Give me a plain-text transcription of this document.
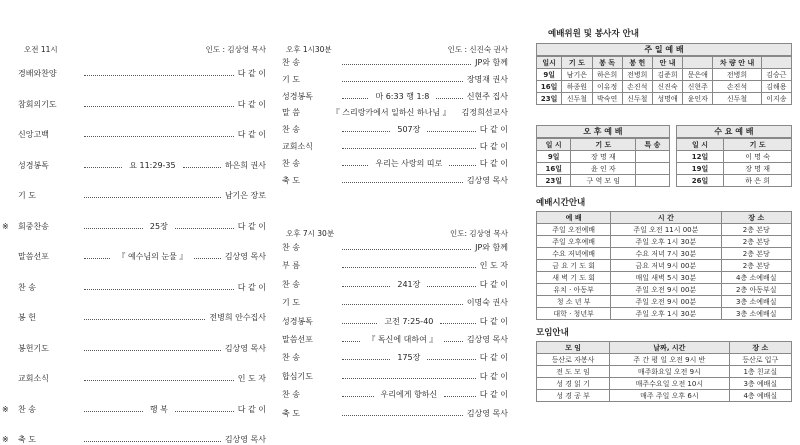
오전 11시	인도 : 김상영 목사
경배와찬양	다 같 이
참회의기도	다 같 이
신앙고백	다 같 이
성경봉독	요 11:29-35	하은희 권사
기 도	남기은 장로
※ 회중찬송	25장	다 같 이
말씀선포	『 예수님의 눈물 』	김상영 목사
찬 송	다 같 이
봉 헌	전병희 안수집사
봉헌기도	김상영 목사
교회소식	인 도 자
※ 찬 송	행 복	다 같 이
※ 축 도	김상영 목사
오후 1시30분	인도 : 신진숙 권사
찬 송	JP와 함께
기 도	장명재 권사
성경봉독	마 6:33 행 1:8	신현주 집사
말 씀	『 스리랑카에서 일하신 하나님 』	김정희선교사
찬 송	507장	다 같 이
교회소식	다 같 이
찬 송	우리는 사랑의 띠로	다 같 이
축 도	김상영 목사
오후 7시 30분	인도: 김상영 목사
찬 송	JP와 함께
부 름	인 도 자
찬 송	241장	다 같 이
기 도	이명숙 권사
성경봉독	고전 7:25-40	다 같 이
말씀선포	『 독신에 대하여 』	김상영 목사
찬 송	175장	다 같 이
합심기도	다 같 이
찬 송	우리에게 향하신	다 같 이
축 도	김상영 목사
예배위원 및 봉사자 안내
주 일 예 배
일시	기 도	봉 독	봉 헌	안 내		차 량 안 내	
9일	남기은	하은희	전병희	김준희	문은애	전병희	김승근
16일	하종원	이유정	손진석	신진숙	신현주	손진석	김해용
23일	신두철	박숙연	신두철	성명애	윤인자	신두철	이지송
오 후 예 배
일 시	기 도	특 송
9일	장 명 재	
16일	윤 인 자	
23일	구 역 모 임	
수 요 예 배
일 시	기 도
12일	이 명 숙
19일	장 명 재
26일	하 은 희
예배시간안내
예 배	시 간	장 소
주일 오전예배	주일 오전 11시 00분	2층 본당
주일 오후예배	주일 오후 1시 30분	2층 본당
수요 저녁예배	수요 저녁 7시 30분	2층 본당
금 요 기 도 회	금요 저녁 9시 00분	2층 본당
새 벽 기 도 회	매일 새벽 5시 30분	4층 소예배실
유치 · 아동부	주일 오전 9시 00분	2층 아동부실
청 소 년 부	주일 오전 9시 00분	3층 소예배실
대학 · 청년부	주일 오후 1시 30분	3층 소예배실
모임안내
모 임	날짜, 시간	장 소
등산로 자봉사	주 간 평 일 오전 9시 반	등산로 입구
전 도 모 임	매주화요일 오전 9시	1층 친교실
성 경 읽 기	매주수요일 오전 10시	3층 예배실
성 경 공 부	매주 주일 오후 6시	4층 예배실
